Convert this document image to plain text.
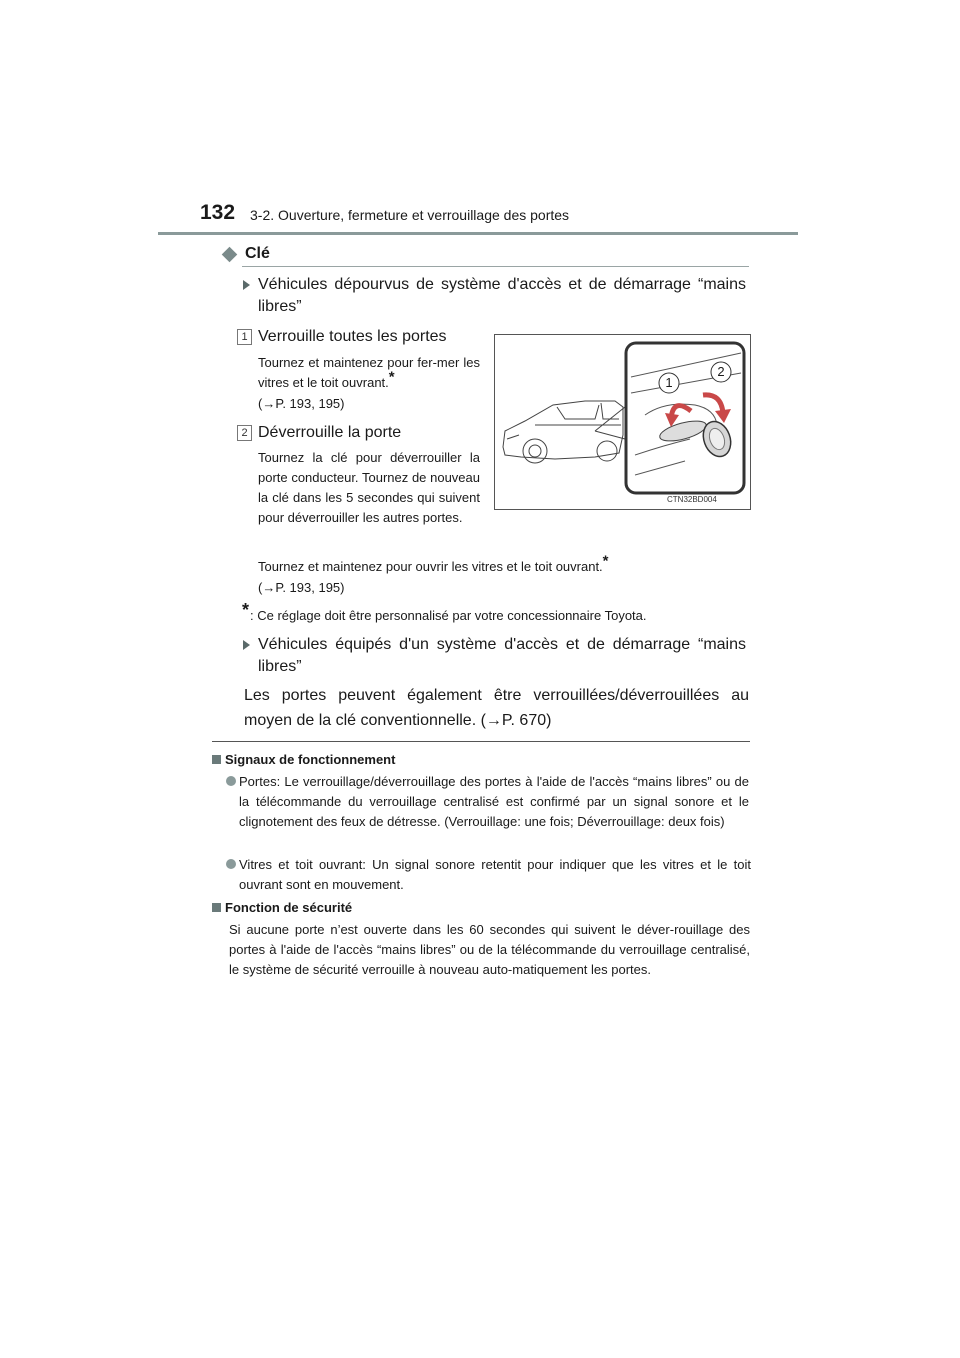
132 3-2. Ouverture, fermeture et verrouillage des portes
Clé
Véhicules dépourvus de système d'accès et de démarrage “mains libres”
1 Verrouille toutes les portes
Tournez et maintenez pour fer-mer les vitres et le toit ouvrant.*
(→P. 193, 195)
2 Déverrouille la porte
Tournez la clé pour déverrouiller la porte conducteur. Tournez de nouveau la clé dans les 5 secondes qui suivent pour déverrouiller les autres portes.
Tournez et maintenez pour ouvrir les vitres et le toit ouvrant.*
(→P. 193, 195)
1
2
CTN32BD004
*: Ce réglage doit être personnalisé par votre concessionnaire Toyota.
Véhicules équipés d'un système d'accès et de démarrage “mains libres”
Les portes peuvent également être verrouillées/déverrouillées au moyen de la clé conventionnelle. (→P. 670)
Signaux de fonctionnement
Portes: Le verrouillage/déverrouillage des portes à l'aide de l'accès “mains libres” ou de la télécommande du verrouillage centralisé est confirmé par un signal sonore et le clignotement des feux de détresse. (Verrouillage: une fois; Déverrouillage: deux fois)
Vitres et toit ouvrant: Un signal sonore retentit pour indiquer que les vitres et le toit ouvrant sont en mouvement.
Fonction de sécurité
Si aucune porte n’est ouverte dans les 60 secondes qui suivent le déver-rouillage des portes à l'aide de l'accès “mains libres” ou de la télécommande du verrouillage centralisé, le système de sécurité verrouille à nouveau auto-matiquement les portes.
